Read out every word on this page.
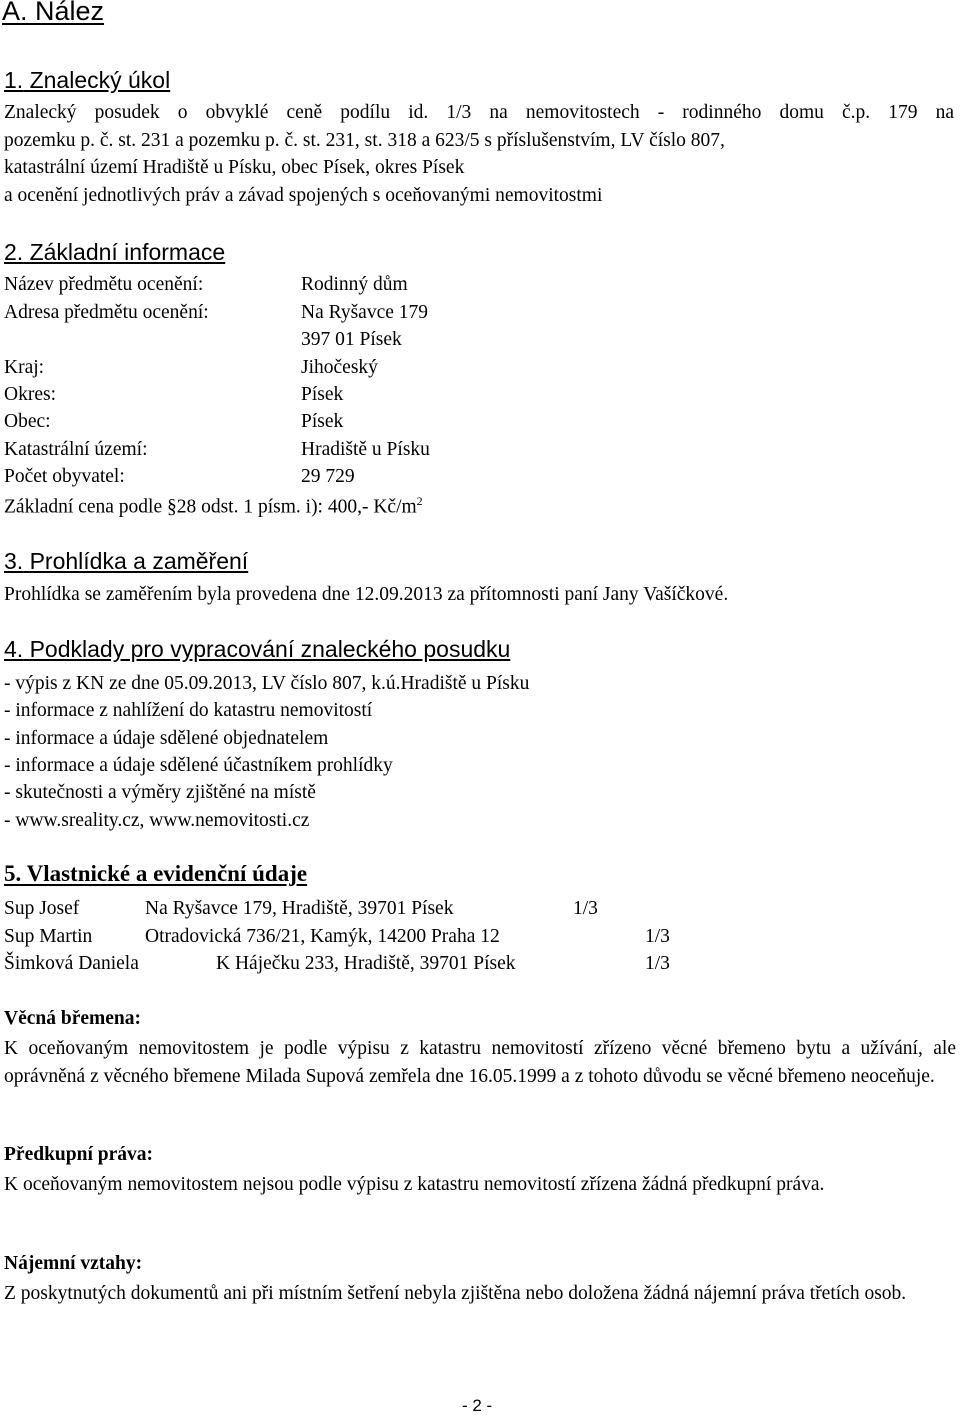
A. Nález
1. Znalecký úkol
Znalecký posudek o obvyklé ceně podílu id. 1/3 na nemovitostech - rodinného domu č.p. 179 na
pozemku p. č. st. 231 a pozemku p. č. st. 231, st. 318 a 623/5 s příslušenstvím, LV číslo 807,
katastrální území Hradiště u Písku, obec Písek, okres Písek
a ocenění jednotlivých práv a závad spojených s oceňovanými nemovitostmi
2. Základní informace
Název předmětu ocenění:	Rodinný dům
Adresa předmětu ocenění:	Na Ryšavce 179
397 01 Písek
Kraj:	Jihočeský
Okres:	Písek
Obec:	Písek
Katastrální území:	Hradiště u Písku
Počet obyvatel:	29 729
Základní cena podle §28 odst. 1 písm. i): 400,- $Kč/m^2$
3. Prohlídka a zaměření
Prohlídka se zaměřením byla provedena dne 12.09.2013 za přítomnosti paní Jany Vašíčkové.
4. Podklady pro vypracování znaleckého posudku
- výpis z KN ze dne 05.09.2013, LV číslo 807, k.ú.Hradiště u Písku
- informace z nahlížení do katastru nemovitostí
- informace a údaje sdělené objednatelem
- informace a údaje sdělené účastníkem prohlídky
- skutečnosti a výměry zjištěné na místě
- www.sreality.cz, www.nemovitosti.cz
5. Vlastnické a evidenční údaje
Sup Josef	Na Ryšavce 179, Hradiště, 39701 Písek	1/3
Sup Martin	Otradovická 736/21, Kamýk, 14200 Praha 12	1/3
Šimková Daniela	K Háječku 233, Hradiště, 39701 Písek	1/3
Věcná břemena:
K oceňovaným nemovitostem je podle výpisu z katastru nemovitostí zřízeno věcné břemeno bytu a užívání, ale oprávněná z věcného břemene Milada Supová zemřela dne 16.05.1999 a z tohoto důvodu se věcné břemeno neoceňuje.
Předkupní práva:
K oceňovaným nemovitostem nejsou podle výpisu z katastru nemovitostí zřízena žádná předkupní práva.
Nájemní vztahy:
Z poskytnutých dokumentů ani při místním šetření nebyla zjištěna nebo doložena žádná nájemní práva třetích osob.
- 2 -
